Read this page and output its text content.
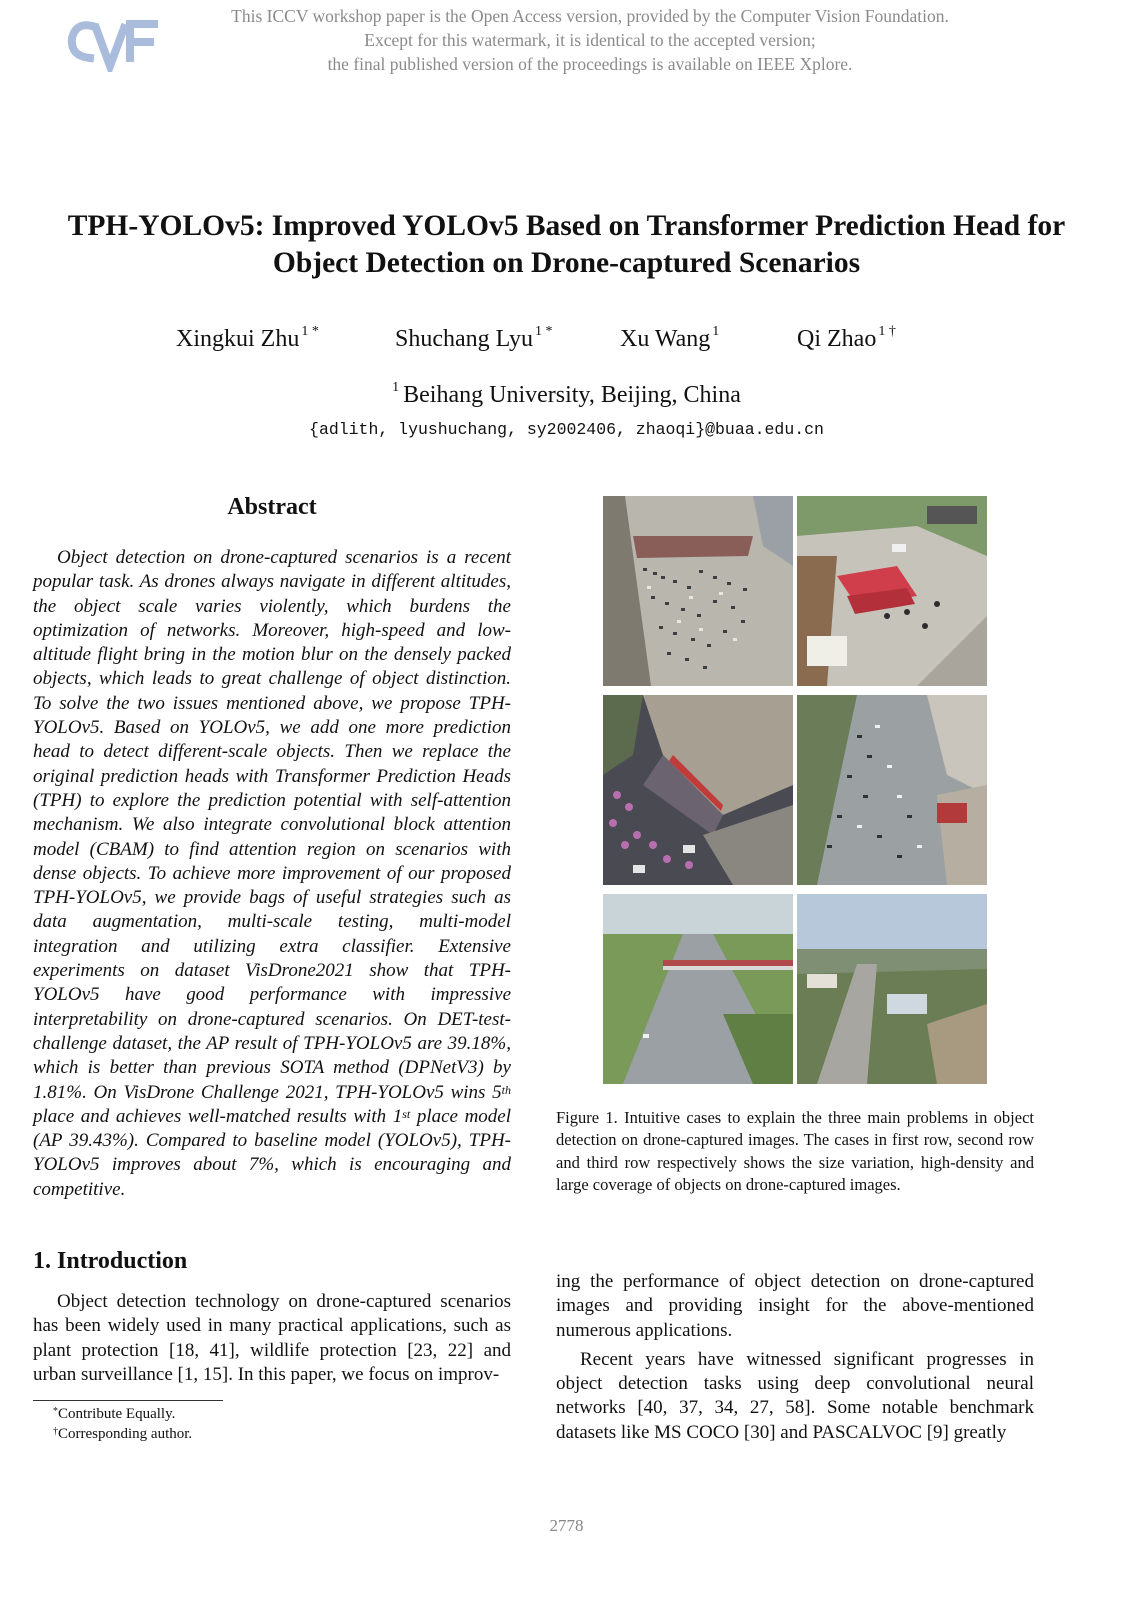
This ICCV workshop paper is the Open Access version, provided by the Computer Vision Foundation.
Except for this watermark, it is identical to the accepted version;
the final published version of the proceedings is available on IEEE Xplore.
TPH-YOLOv5: Improved YOLOv5 Based on Transformer Prediction Head for
Object Detection on Drone-captured Scenarios
Xingkui Zhu $^{1 *}$	Shuchang Lyu $^{1 *}$	Xu Wang $^1$	Qi Zhao $^{1 \dagger}$
$^1$ Beihang University, Beijing, China
{adlith, lyushuchang, sy2002406, zhaoqi}@buaa.edu.cn
Abstract

Object detection on drone-captured scenarios is a recent popular task. As drones always navigate in different altitudes, the object scale varies violently, which burdens the optimization of networks. Moreover, high-speed and low-altitude flight bring in the motion blur on the densely packed objects, which leads to great challenge of object distinction. To solve the two issues mentioned above, we propose TPH-YOLOv5. Based on YOLOv5, we add one more prediction head to detect different-scale objects. Then we replace the original prediction heads with Transformer Prediction Heads (TPH) to explore the prediction potential with self-attention mechanism. We also integrate convolutional block attention model (CBAM) to find attention region on scenarios with dense objects. To achieve more improvement of our proposed TPH-YOLOv5, we provide bags of useful strategies such as data augmentation, multi-scale testing, multi-model integration and utilizing extra classifier. Extensive experiments on dataset VisDrone2021 show that TPH-YOLOv5 have good performance with impressive interpretability on drone-captured scenarios. On DET-test-challenge dataset, the AP result of TPH-YOLOv5 are 39.18%, which is better than previous SOTA method (DPNetV3) by 1.81%. On VisDrone Challenge 2021, TPH-YOLOv5 wins 5th place and achieves well-matched results with 1st place model (AP 39.43%). Compared to baseline model (YOLOv5), TPH-YOLOv5 improves about 7%, which is encouraging and competitive.

1. Introduction

Object detection technology on drone-captured scenarios has been widely used in many practical applications, such as plant protection [18, 41], wildlife protection [23, 22] and urban surveillance [1, 15]. In this paper, we focus on improv-

*Contribute Equally.
†Corresponding author.
Figure 1. Intuitive cases to explain the three main problems in object detection on drone-captured images. The cases in first row, second row and third row respectively shows the size variation, high-density and large coverage of objects on drone-captured images.

ing the performance of object detection on drone-captured images and providing insight for the above-mentioned numerous applications.

Recent years have witnessed significant progresses in object detection tasks using deep convolutional neural networks [40, 37, 34, 27, 58]. Some notable benchmark datasets like MS COCO [30] and PASCALVOC [9] greatly

2778
